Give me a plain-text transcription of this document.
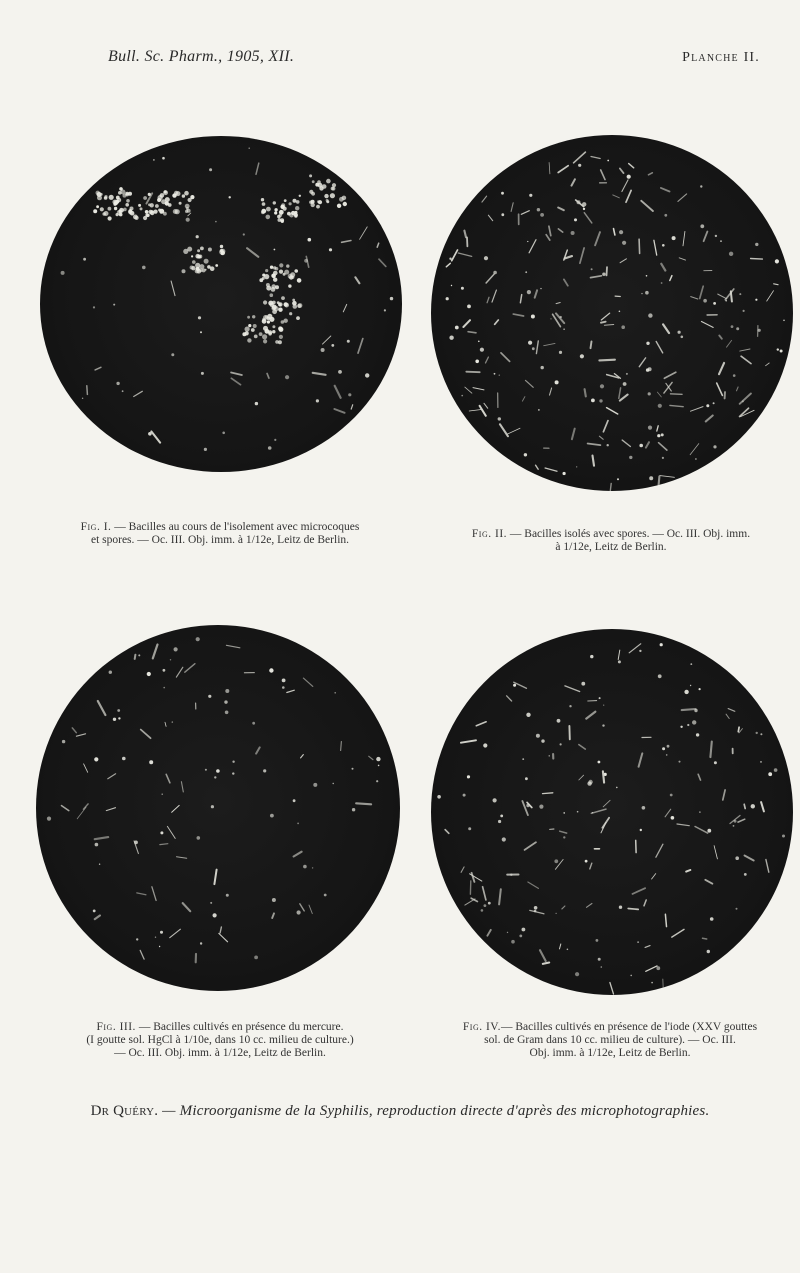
Bull. Sc. Pharm., 1905, XII.	Planche II.
Fig. I. — Bacilles au cours de l'isolement avec microcoques
et spores. — Oc. III. Obj. imm. à 1/12e, Leitz de Berlin.	Fig. II. — Bacilles isolés avec spores. — Oc. III. Obj. imm.
à 1/12e, Leitz de Berlin.
Fig. III. — Bacilles cultivés en présence du mercure.
(I goutte sol. HgCl à 1/10e, dans 10 cc. milieu de culture.)
— Oc. III. Obj. imm. à 1/12e, Leitz de Berlin.
Fig. IV.— Bacilles cultivés en présence de l'iode (XXV gouttes
sol. de Gram dans 10 cc. milieu de culture). — Oc. III.
Obj. imm. à 1/12e, Leitz de Berlin.
Dr Quéry. — Microorganisme de la Syphilis, reproduction directe d'après des microphotographies.
